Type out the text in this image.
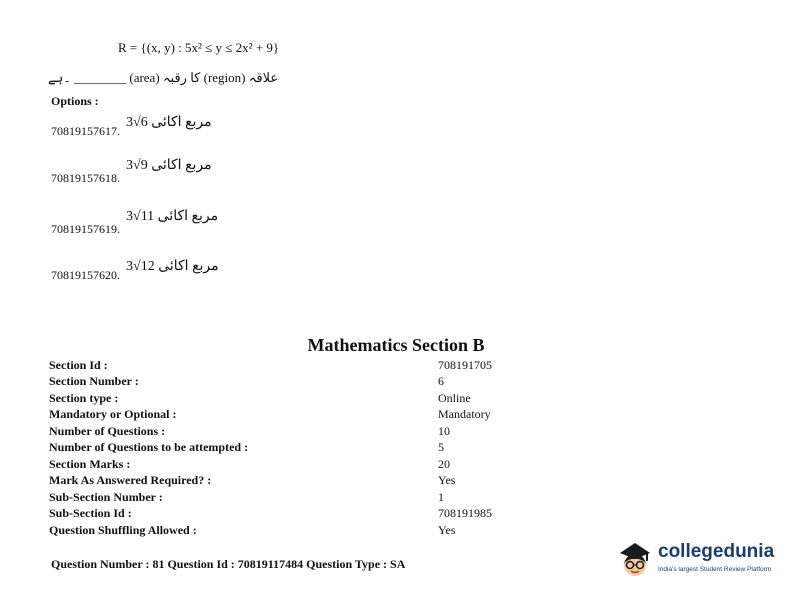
R = {(x, y) : 5x² ≤ y ≤ 2x² + 9}
۔ہے ________ (area) کا رقبہ (region) علاقہ
Options :
70819157617.
مربع اکائی 6√3
70819157618.
مربع اکائی 9√3
70819157619.
مربع اکائی 11√3
70819157620.
مربع اکائی 12√3
Mathematics Section B
Section Id :	708191705
Section Number :	6
Section type :	Online
Mandatory or Optional :	Mandatory
Number of Questions :	10
Number of Questions to be attempted :	5
Section Marks :	20
Mark As Answered Required? :	Yes
Sub-Section Number :	1
Sub-Section Id :	708191985
Question Shuffling Allowed :	Yes
Question Number : 81 Question Id : 70819117484 Question Type : SA
collegedunia
India's largest Student Review Platform
